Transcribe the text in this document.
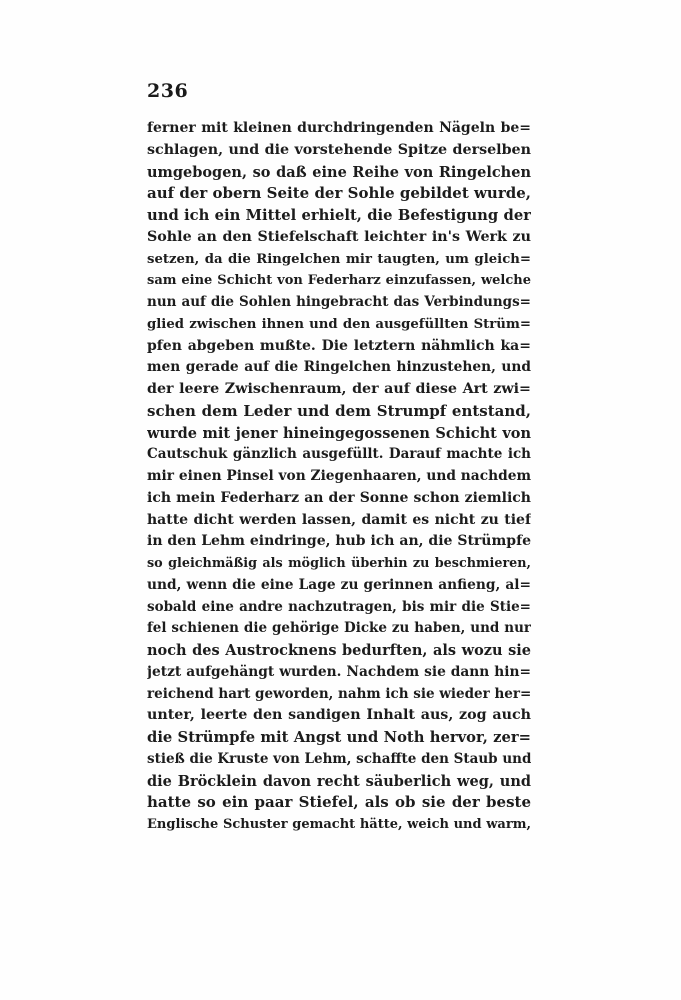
236
ferner mit kleinen durchdringenden Nägeln be=
schlagen, und die vorstehende Spitze derselben
umgebogen, so daß eine Reihe von Ringelchen
auf der obern Seite der Sohle gebildet wurde,
und ich ein Mittel erhielt, die Befestigung der
Sohle an den Stiefelschaft leichter in's Werk zu
setzen, da die Ringelchen mir taugten, um gleich=
sam eine Schicht von Federharz einzufassen, welche
nun auf die Sohlen hingebracht das Verbindungs=
glied zwischen ihnen und den ausgefüllten Strüm=
pfen abgeben mußte. Die letztern nähmlich ka=
men gerade auf die Ringelchen hinzustehen, und
der leere Zwischenraum, der auf diese Art zwi=
schen dem Leder und dem Strumpf entstand,
wurde mit jener hineingegossenen Schicht von
Cautschuk gänzlich ausgefüllt. Darauf machte ich
mir einen Pinsel von Ziegenhaaren, und nachdem
ich mein Federharz an der Sonne schon ziemlich
hatte dicht werden lassen, damit es nicht zu tief
in den Lehm eindringe, hub ich an, die Strümpfe
so gleichmäßig als möglich überhin zu beschmieren,
und, wenn die eine Lage zu gerinnen anfieng, al=
sobald eine andre nachzutragen, bis mir die Stie=
fel schienen die gehörige Dicke zu haben, und nur
noch des Austrocknens bedurften, als wozu sie
jetzt aufgehängt wurden. Nachdem sie dann hin=
reichend hart geworden, nahm ich sie wieder her=
unter, leerte den sandigen Inhalt aus, zog auch
die Strümpfe mit Angst und Noth hervor, zer=
stieß die Kruste von Lehm, schaffte den Staub und
die Bröcklein davon recht säuberlich weg, und
hatte so ein paar Stiefel, als ob sie der beste
Englische Schuster gemacht hätte, weich und warm,
